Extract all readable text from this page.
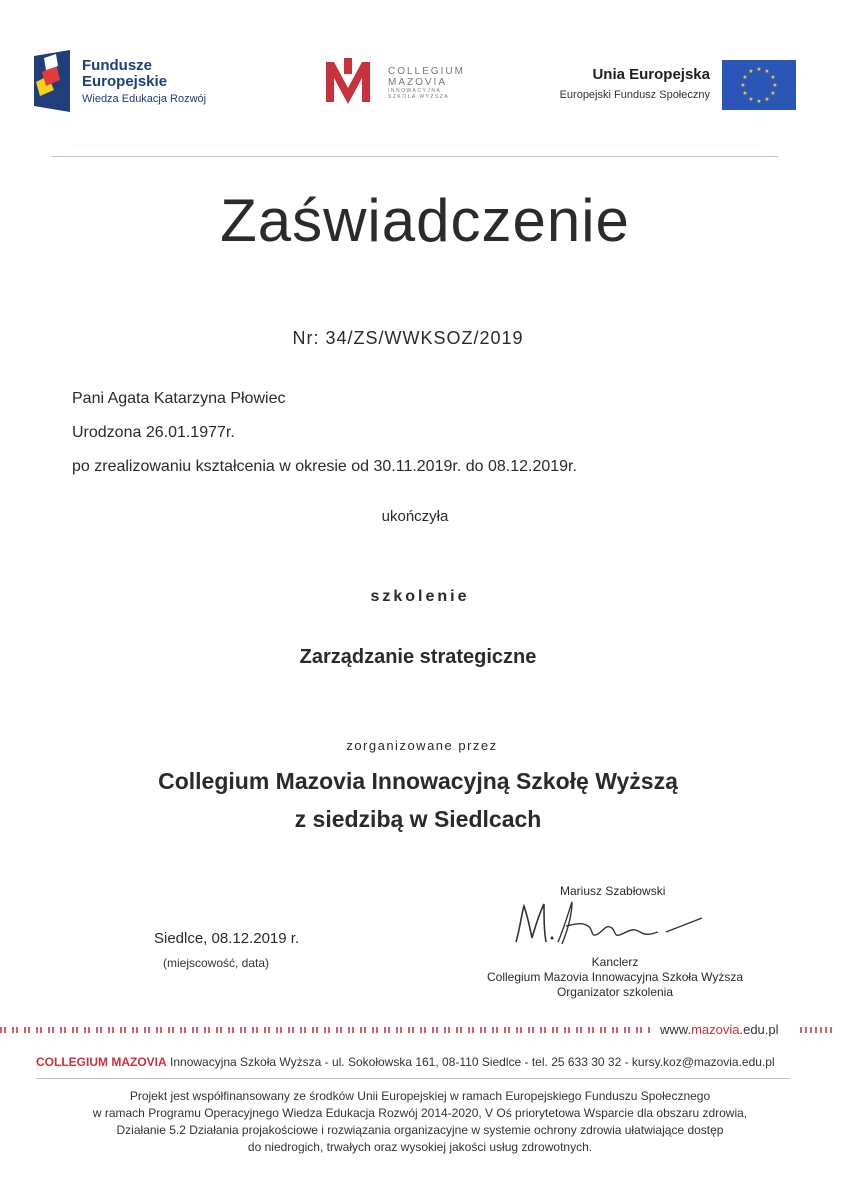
Fundusze Europejskie
Wiedza Edukacja Rozwój
COLLEGIUM
MAZOVIA
INNOWACYJNA
SZKOŁA WYŻSZA
Unia Europejska
Europejski Fundusz Społeczny
★ ★
★
★
★
★
★
★
★
★
★
★
Zaświadczenie
Nr: 34/ZS/WWKSOZ/2019
Pani Agata Katarzyna Płowiec
Urodzona 26.01.1977r.
po zrealizowaniu kształcenia w okresie od 30.11.2019r. do 08.12.2019r.
ukończyła
szkolenie
Zarządzanie strategiczne
zorganizowane przez
Collegium Mazovia Innowacyjną Szkołę Wyższą
z siedzibą w Siedlcach
Siedlce, 08.12.2019 r.
(miejscowość, data)
Mariusz Szabłowski
Kanclerz
Collegium Mazovia Innowacyjna Szkoła Wyższa
Organizator szkolenia
www.mazovia.edu.pl
COLLEGIUM MAZOVIA Innowacyjna Szkoła Wyższa - ul. Sokołowska 161, 08-110 Siedlce - tel. 25 633 30 32 - kursy.koz@mazovia.edu.pl
Projekt jest współfinansowany ze środków Unii Europejskiej w ramach Europejskiego Funduszu Społecznego
w ramach Programu Operacyjnego Wiedza Edukacja Rozwój 2014-2020, V Oś priorytetowa Wsparcie dla obszaru zdrowia,
Działanie 5.2 Działania projakościowe i rozwiązania organizacyjne w systemie ochrony zdrowia ułatwiające dostęp
do niedrogich, trwałych oraz wysokiej jakości usług zdrowotnych.
